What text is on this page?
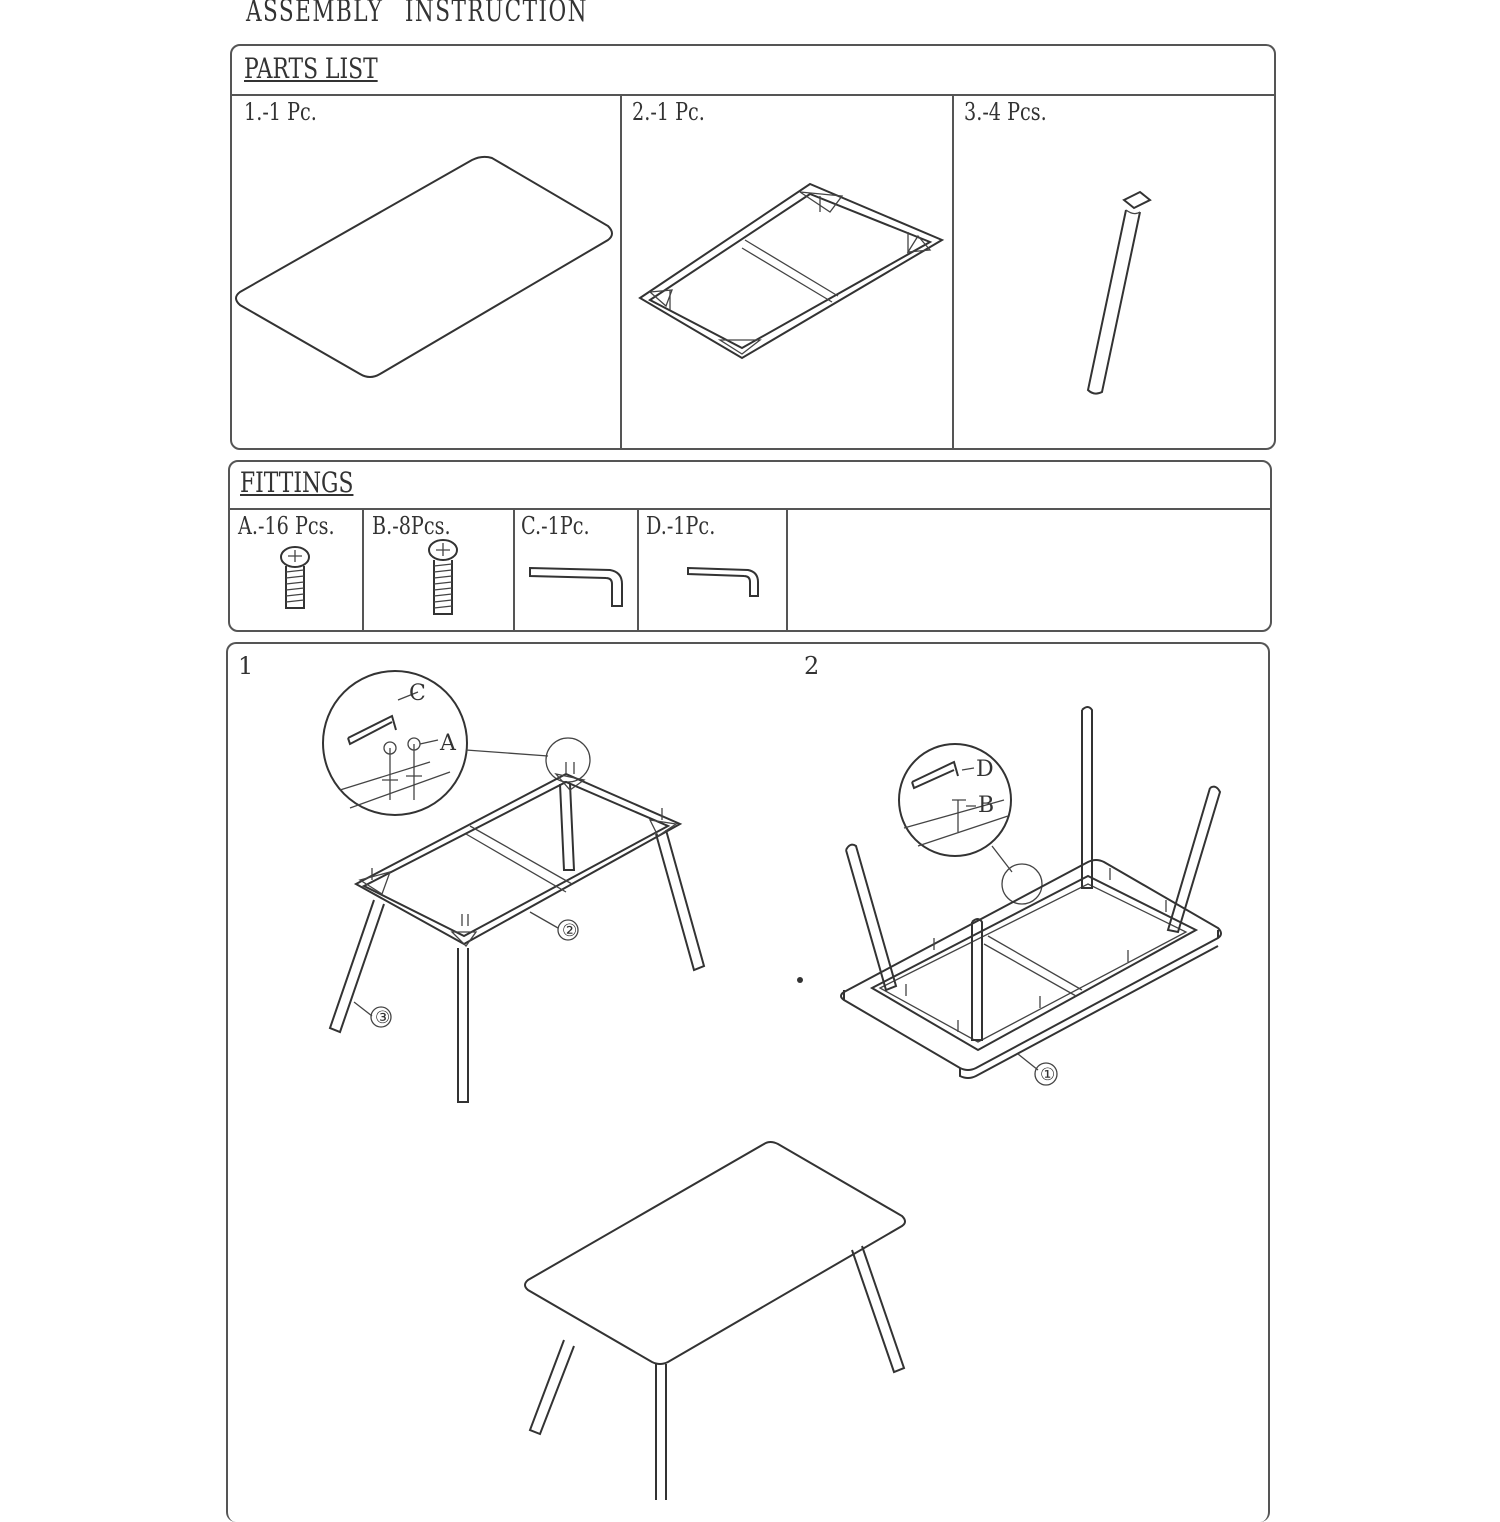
ASSEMBLY INSTRUCTION
PARTS LIST
1.-1 Pc.	2.-1 Pc.	3.-4 Pcs.
FITTINGS
A.-16 Pcs. B.-8Pcs.	C.-1Pc. D.-1Pc.
1	2
C
A
②
③
D
B
①
